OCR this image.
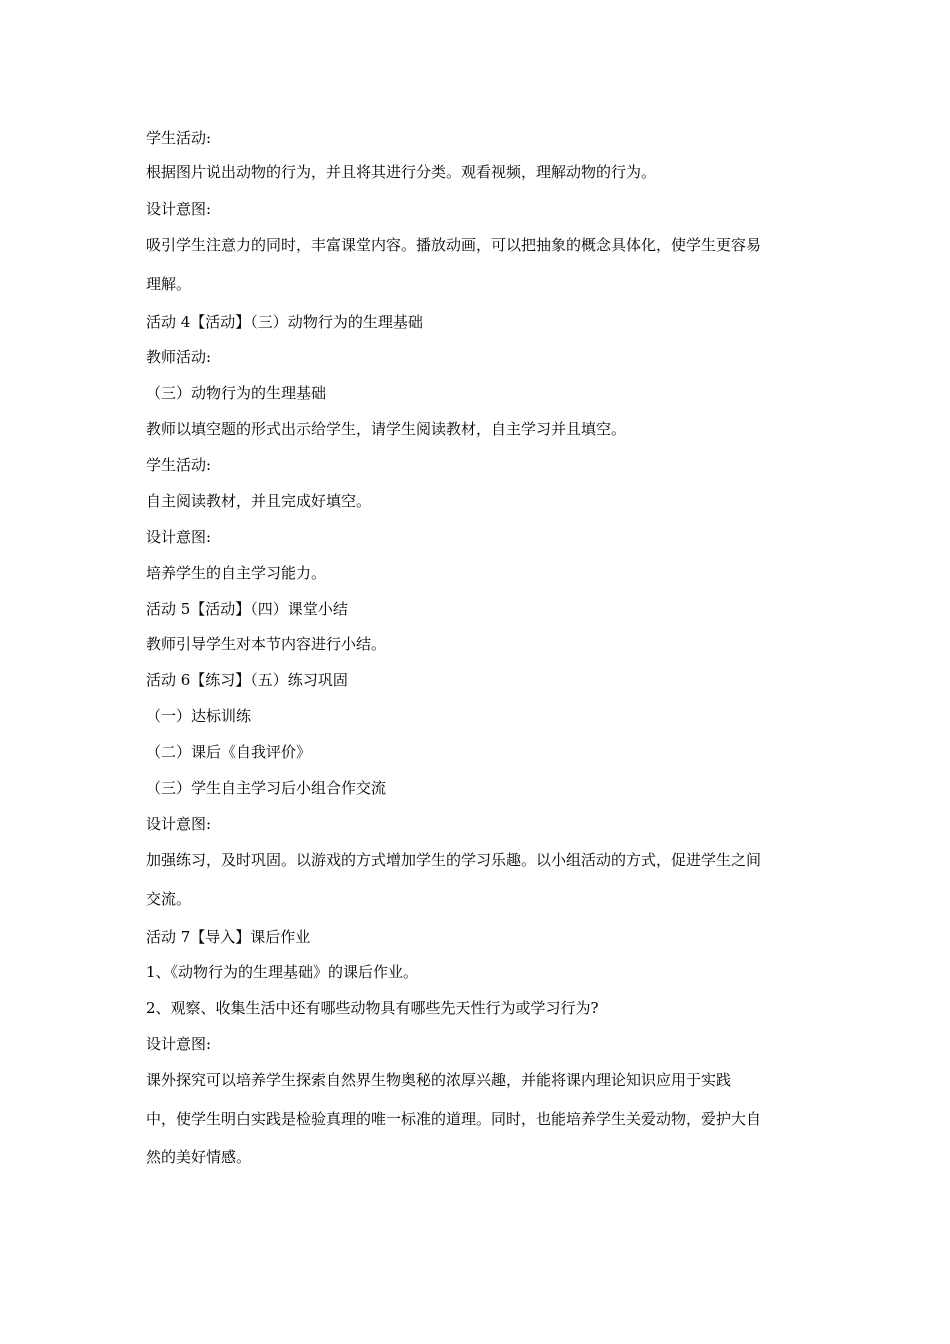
学生活动:
根据图片说出动物的行为，并且将其进行分类。观看视频，理解动物的行为。
设计意图:
吸引学生注意力的同时，丰富课堂内容。播放动画，可以把抽象的概念具体化，使学生更容易
理解。
活动 4【活动】（三）动物行为的生理基础
教师活动:
（三）动物行为的生理基础
教师以填空题的形式出示给学生，请学生阅读教材，自主学习并且填空。
学生活动:
自主阅读教材，并且完成好填空。
设计意图:
培养学生的自主学习能力。
活动 5【活动】（四）课堂小结
教师引导学生对本节内容进行小结。
活动 6【练习】（五）练习巩固
（一）达标训练
（二）课后《自我评价》
（三）学生自主学习后小组合作交流
设计意图:
加强练习，及时巩固。以游戏的方式增加学生的学习乐趣。以小组活动的方式，促进学生之间
交流。
活动 7【导入】课后作业
1、《动物行为的生理基础》的课后作业。
2、观察、收集生活中还有哪些动物具有哪些先天性行为或学习行为?
设计意图:
课外探究可以培养学生探索自然界生物奥秘的浓厚兴趣，并能将课内理论知识应用于实践
中，使学生明白实践是检验真理的唯一标准的道理。同时，也能培养学生关爱动物，爱护大自
然的美好情感。
